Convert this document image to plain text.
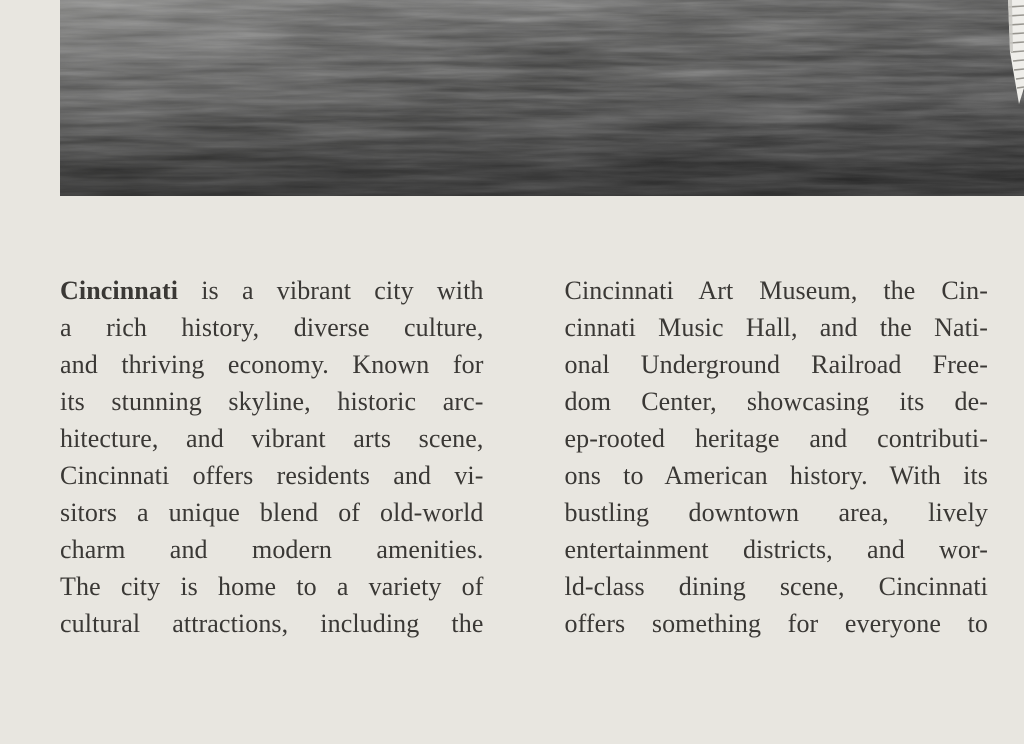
Cincinnati is a vibrant city with

a rich history, diverse culture,

and thriving economy. Known for

its stunning skyline, historic arc-

hitecture, and vibrant arts scene,

Cincinnati offers residents and vi-

sitors a unique blend of old-world

charm and modern amenities.

The city is home to a variety of

cultural attractions, including the

Cincinnati Art Museum, the Cin-

cinnati Music Hall, and the Nati-

onal Underground Railroad Free-

dom Center, showcasing its de-

ep-rooted heritage and contributi-

ons to American history. With its

bustling downtown area, lively

entertainment districts, and wor-

ld-class dining scene, Cincinnati

offers something for everyone to
